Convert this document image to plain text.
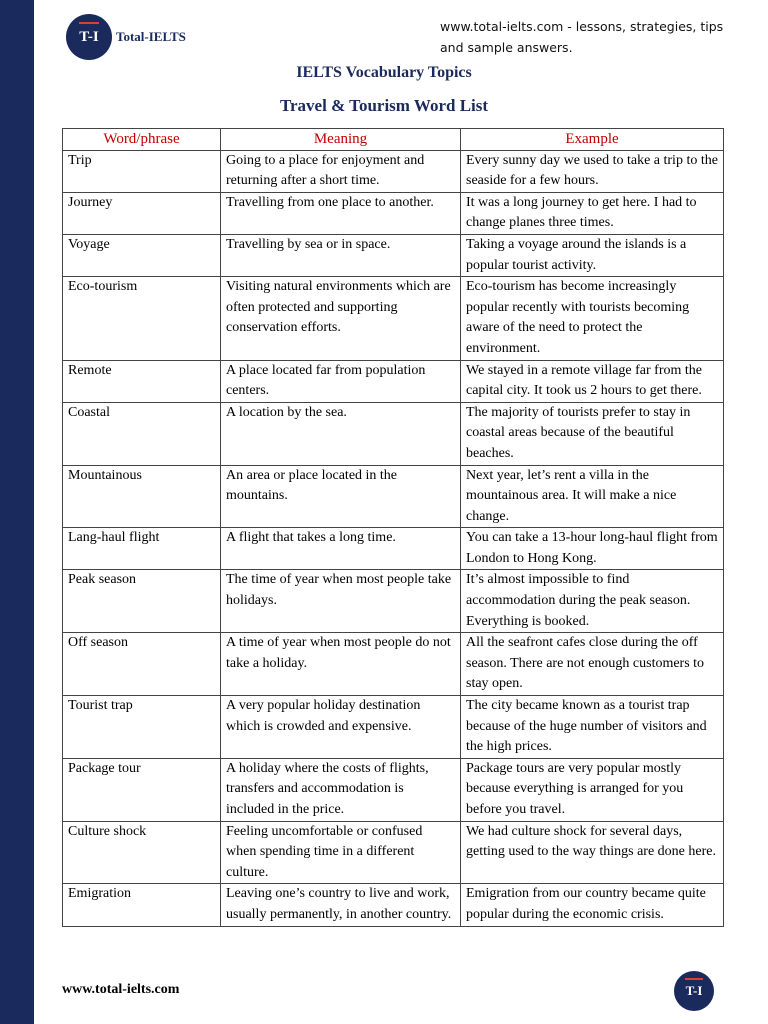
T-I Total-IELTS
www.total-ielts.com - lessons, strategies, tips and sample answers.
IELTS Vocabulary Topics
Travel & Tourism Word List
Word/phrase	Meaning	Example
Trip	Going to a place for enjoyment and returning after a short time.	Every sunny day we used to take a trip to the seaside for a few hours.
Journey	Travelling from one place to another.	It was a long journey to get here. I had to change planes three times.
Voyage	Travelling by sea or in space.	Taking a voyage around the islands is a popular tourist activity.
Eco-tourism	Visiting natural environments which are often protected and supporting conservation efforts.	Eco-tourism has become increasingly popular recently with tourists becoming aware of the need to protect the environment.
Remote	A place located far from population centers.	We stayed in a remote village far from the capital city. It took us 2 hours to get there.
Coastal	A location by the sea.	The majority of tourists prefer to stay in coastal areas because of the beautiful beaches.
Mountainous	An area or place located in the mountains.	Next year, let’s rent a villa in the mountainous area. It will make a nice change.
Lang-haul flight	A flight that takes a long time.	You can take a 13-hour long-haul flight from London to Hong Kong.
Peak season	The time of year when most people take holidays.	It’s almost impossible to find accommodation during the peak season. Everything is booked.
Off season	A time of year when most people do not take a holiday.	All the seafront cafes close during the off season. There are not enough customers to stay open.
Tourist trap	A very popular holiday destination which is crowded and expensive.	The city became known as a tourist trap because of the huge number of visitors and the high prices.
Package tour	A holiday where the costs of flights, transfers and accommodation is included in the price.	Package tours are very popular mostly because everything is arranged for you before you travel.
Culture shock	Feeling uncomfortable or confused when spending time in a different culture.	We had culture shock for several days, getting used to the way things are done here.
Emigration	Leaving one’s country to live and work, usually permanently, in another country.	Emigration from our country became quite popular during the economic crisis.
www.total-ielts.com	T-I
